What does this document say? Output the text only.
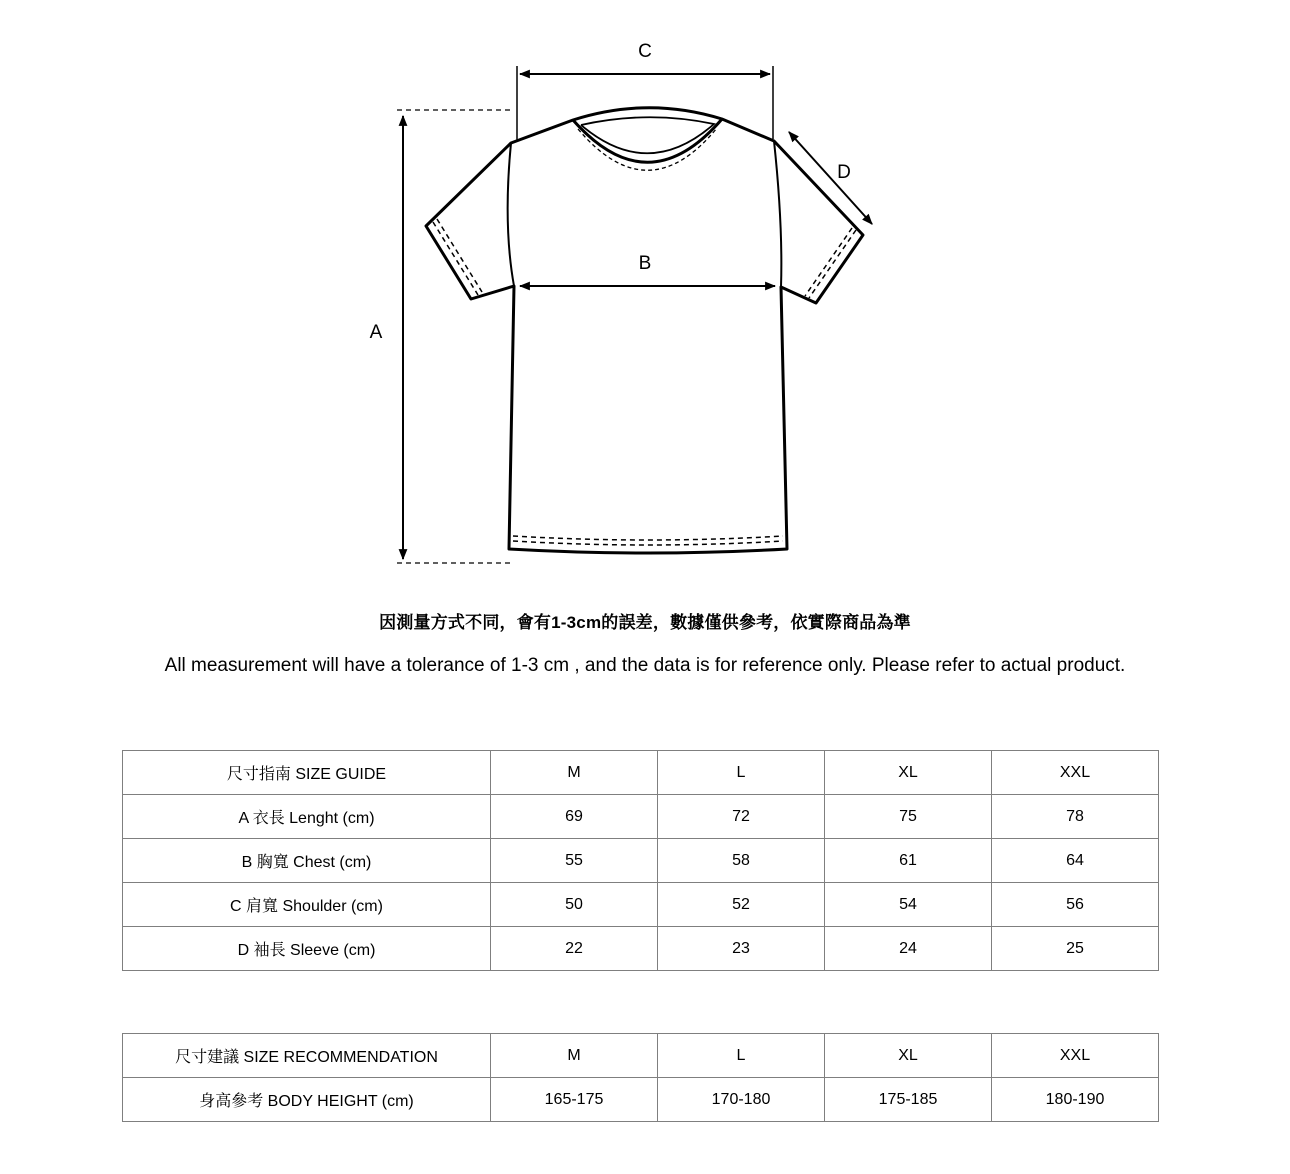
C
B
A
D
因測量方式不同，會有1-3cm的誤差，數據僅供參考，依實際商品為準
All measurement will have a tolerance of 1-3 cm , and the data is for reference only. Please refer to actual product.
尺寸指南 SIZE GUIDE	M	L	XL	XXL
A 衣長 Lenght (cm)	69	72	75	78
B 胸寬 Chest (cm)	55	58	61	64
C 肩寬 Shoulder (cm)	50	52	54	56
D 袖長 Sleeve (cm)	22	23	24	25
尺寸建議 SIZE RECOMMENDATION	M	L	XL	XXL
身高參考 BODY HEIGHT (cm)	165-175	170-180	175-185	180-190
